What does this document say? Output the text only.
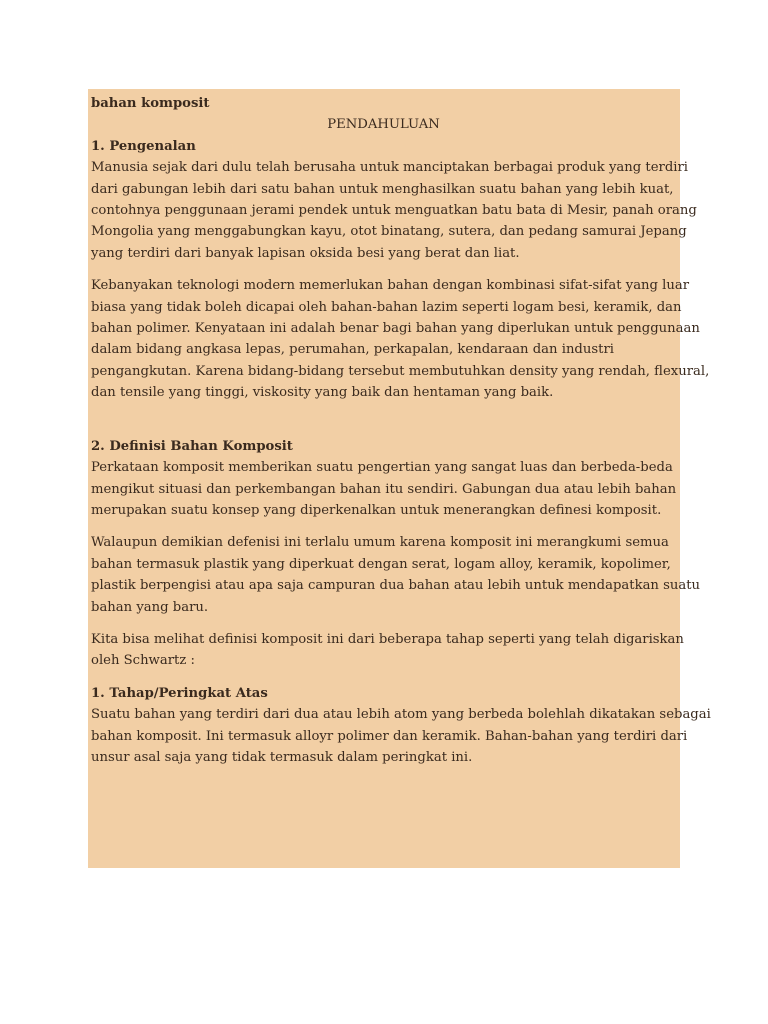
bahan komposit
PENDAHULUAN
1. Pengenalan
Manusia sejak dari dulu telah berusaha untuk manciptakan berbagai produk yang terdiri
dari gabungan lebih dari satu bahan untuk menghasilkan suatu bahan yang lebih kuat,
contohnya penggunaan jerami pendek untuk menguatkan batu bata di Mesir, panah orang
Mongolia yang menggabungkan kayu, otot binatang, sutera, dan pedang samurai Jepang
yang terdiri dari banyak lapisan oksida besi yang berat dan liat.
Kebanyakan teknologi modern memerlukan bahan dengan kombinasi sifat-sifat yang luar
biasa yang tidak boleh dicapai oleh bahan-bahan lazim seperti logam besi, keramik, dan
bahan polimer. Kenyataan ini adalah benar bagi bahan yang diperlukan untuk penggunaan
dalam bidang angkasa lepas, perumahan, perkapalan, kendaraan dan industri
pengangkutan. Karena bidang-bidang tersebut membutuhkan density yang rendah, flexural,
dan tensile yang tinggi, viskosity yang baik dan hentaman yang baik.
2. Definisi Bahan Komposit
Perkataan komposit memberikan suatu pengertian yang sangat luas dan berbeda-beda
mengikut situasi dan perkembangan bahan itu sendiri. Gabungan dua atau lebih bahan
merupakan suatu konsep yang diperkenalkan untuk menerangkan definesi komposit.
Walaupun demikian defenisi ini terlalu umum karena komposit ini merangkumi semua
bahan termasuk plastik yang diperkuat dengan serat, logam alloy, keramik, kopolimer,
plastik berpengisi atau apa saja campuran dua bahan atau lebih untuk mendapatkan suatu
bahan yang baru.
Kita bisa melihat definisi komposit ini dari beberapa tahap seperti yang telah digariskan
oleh Schwartz :
1. Tahap/Peringkat Atas
Suatu bahan yang terdiri dari dua atau lebih atom yang berbeda bolehlah dikatakan sebagai
bahan komposit. Ini termasuk alloyr polimer dan keramik. Bahan-bahan yang terdiri dari
unsur asal saja yang tidak termasuk dalam peringkat ini.
